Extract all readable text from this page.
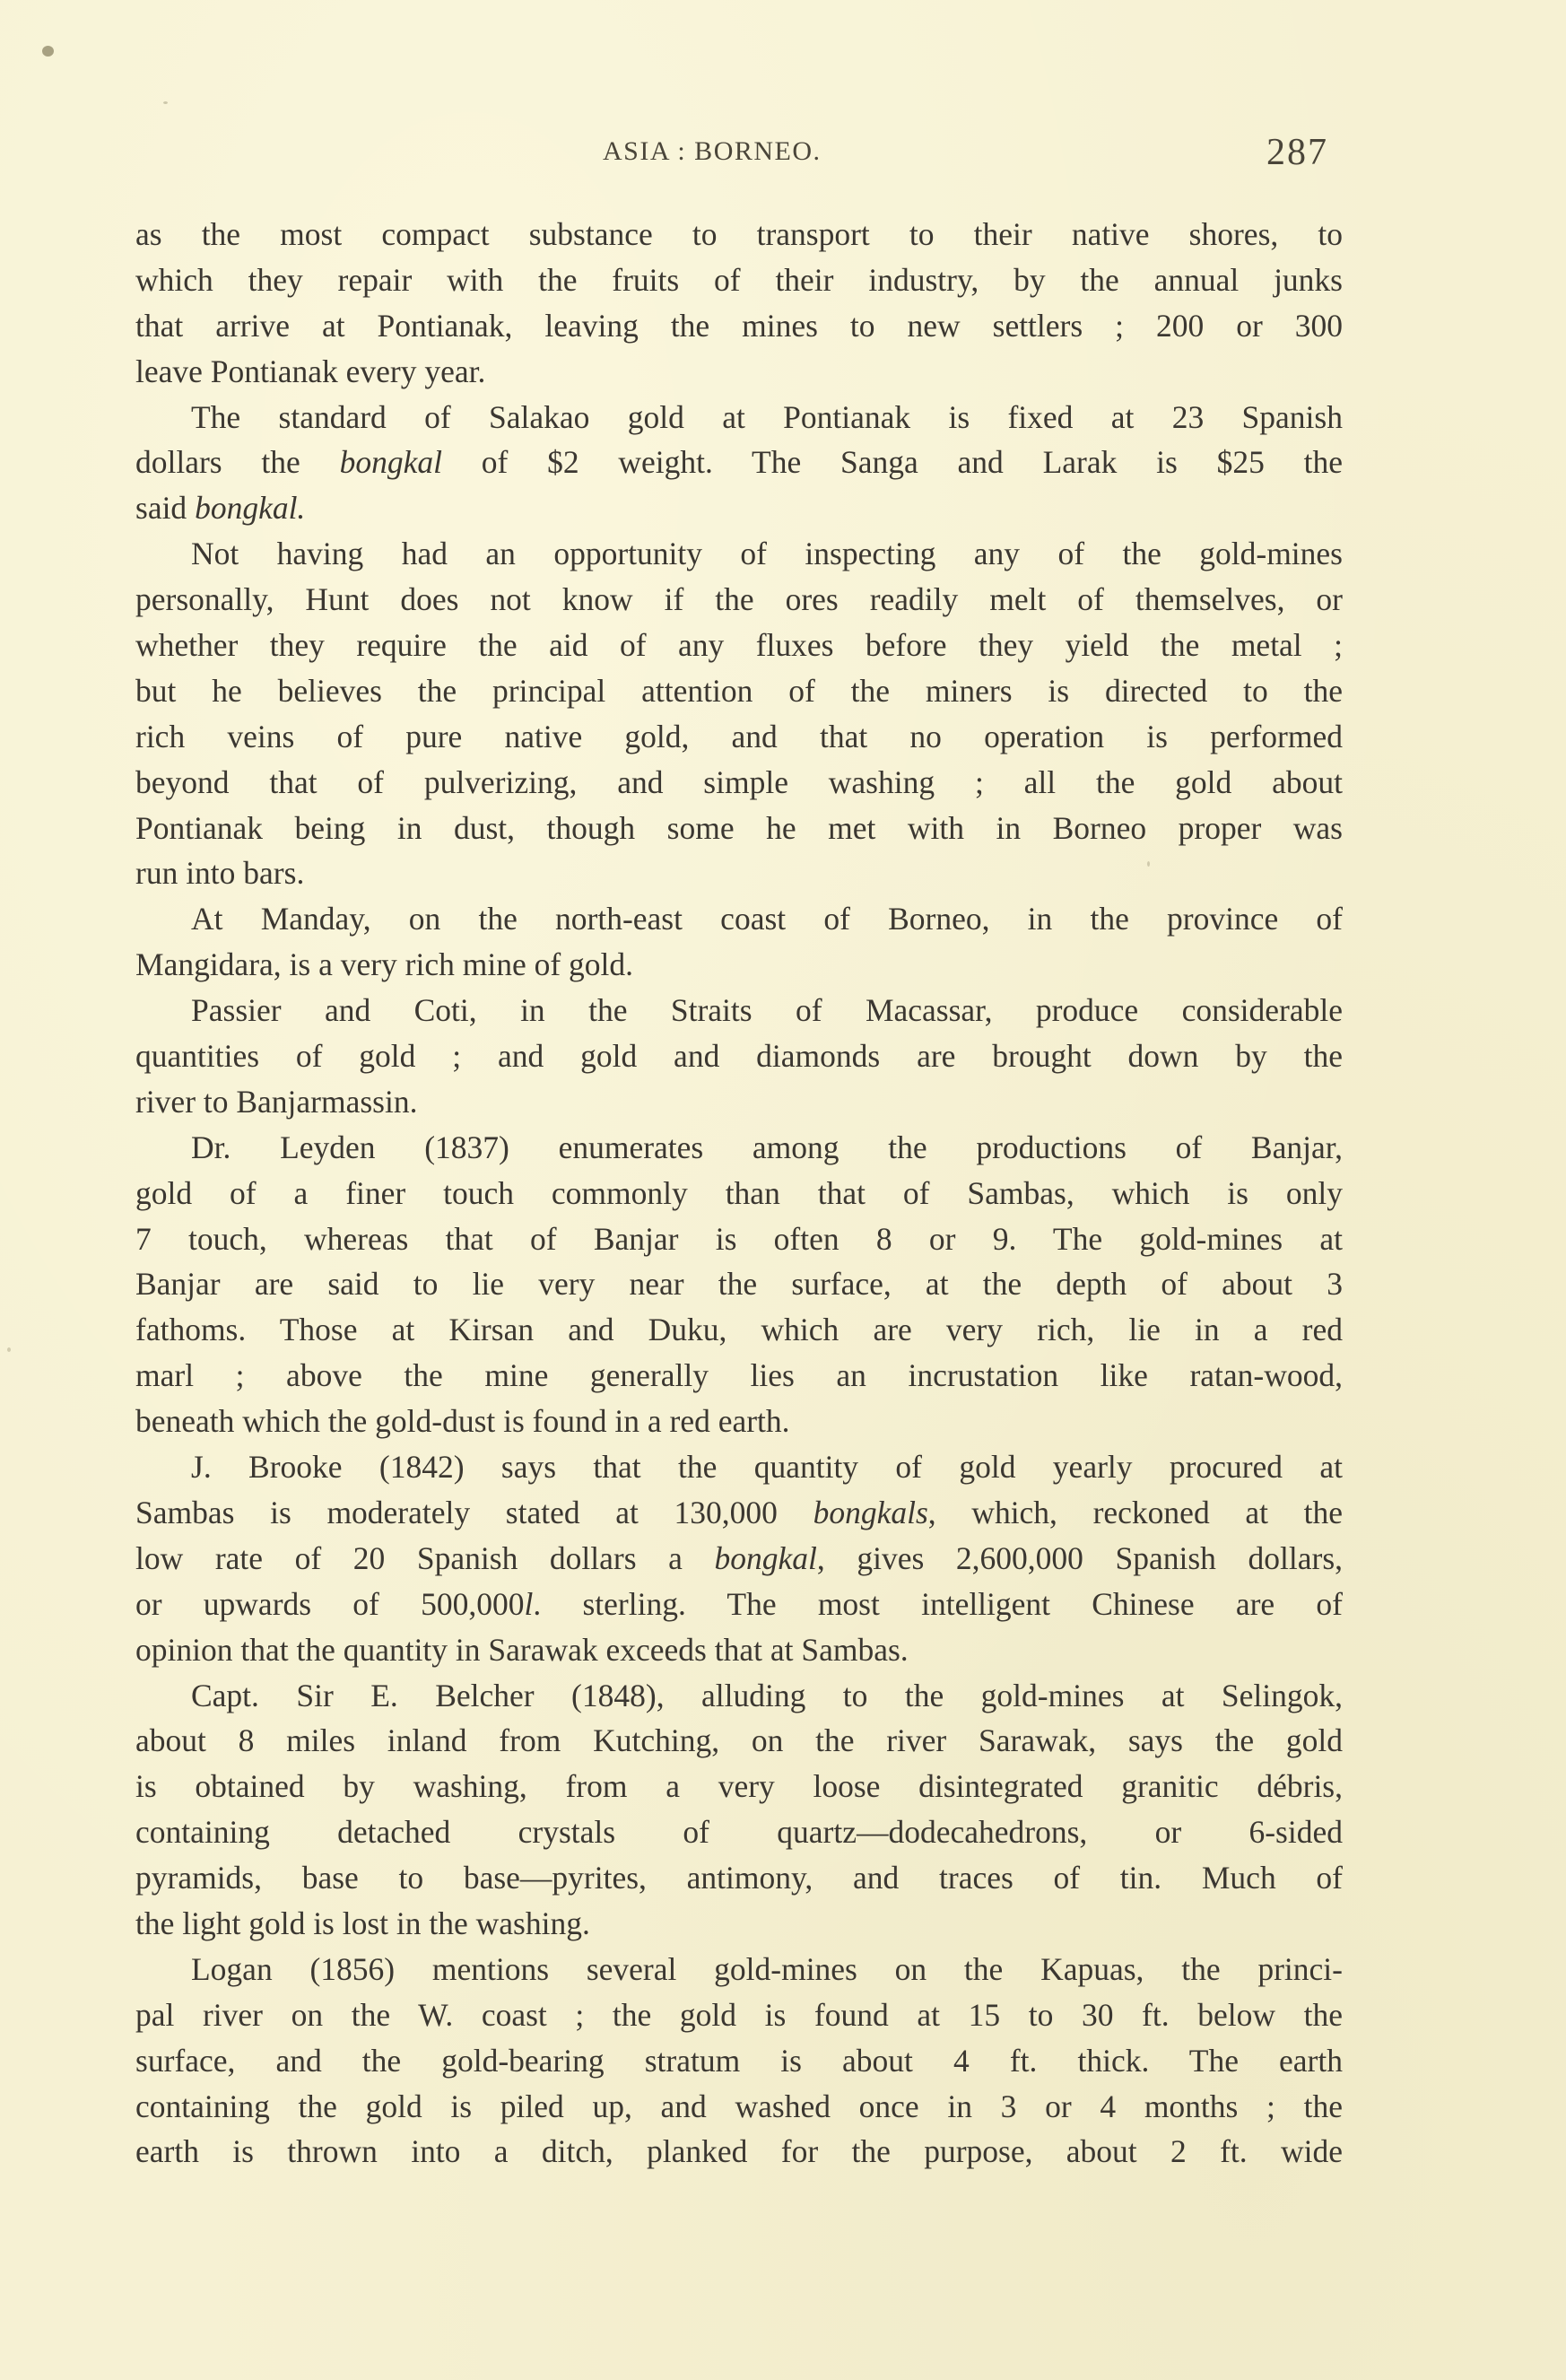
ASIA : BORNEO.	287
as the most compact substance to transport to their native shores, to
which they repair with the fruits of their industry, by the annual junks
that arrive at Pontianak, leaving the mines to new settlers ; 200 or 300
leave Pontianak every year.
The standard of Salakao gold at Pontianak is fixed at 23 Spanish
dollars the bongkal of $2 weight. The Sanga and Larak is $25 the
said bongkal.
Not having had an opportunity of inspecting any of the gold-mines
personally, Hunt does not know if the ores readily melt of themselves, or
whether they require the aid of any fluxes before they yield the metal ;
but he believes the principal attention of the miners is directed to the
rich veins of pure native gold, and that no operation is performed
beyond that of pulverizing, and simple washing ; all the gold about
Pontianak being in dust, though some he met with in Borneo proper was
run into bars.
At Manday, on the north-east coast of Borneo, in the province of
Mangidara, is a very rich mine of gold.
Passier and Coti, in the Straits of Macassar, produce considerable
quantities of gold ; and gold and diamonds are brought down by the
river to Banjarmassin.
Dr. Leyden (1837) enumerates among the productions of Banjar,
gold of a finer touch commonly than that of Sambas, which is only
7 touch, whereas that of Banjar is often 8 or 9. The gold-mines at
Banjar are said to lie very near the surface, at the depth of about 3
fathoms. Those at Kirsan and Duku, which are very rich, lie in a red
marl ; above the mine generally lies an incrustation like ratan-wood,
beneath which the gold-dust is found in a red earth.
J. Brooke (1842) says that the quantity of gold yearly procured at
Sambas is moderately stated at 130,000 bongkals, which, reckoned at the
low rate of 20 Spanish dollars a bongkal, gives 2,600,000 Spanish dollars,
or upwards of 500,000l. sterling. The most intelligent Chinese are of
opinion that the quantity in Sarawak exceeds that at Sambas.
Capt. Sir E. Belcher (1848), alluding to the gold-mines at Selingok,
about 8 miles inland from Kutching, on the river Sarawak, says the gold
is obtained by washing, from a very loose disintegrated granitic débris,
containing detached crystals of quartz—dodecahedrons, or 6-sided
pyramids, base to base—pyrites, antimony, and traces of tin. Much of
the light gold is lost in the washing.
Logan (1856) mentions several gold-mines on the Kapuas, the princi-
pal river on the W. coast ; the gold is found at 15 to 30 ft. below the
surface, and the gold-bearing stratum is about 4 ft. thick. The earth
containing the gold is piled up, and washed once in 3 or 4 months ; the
earth is thrown into a ditch, planked for the purpose, about 2 ft. wide
